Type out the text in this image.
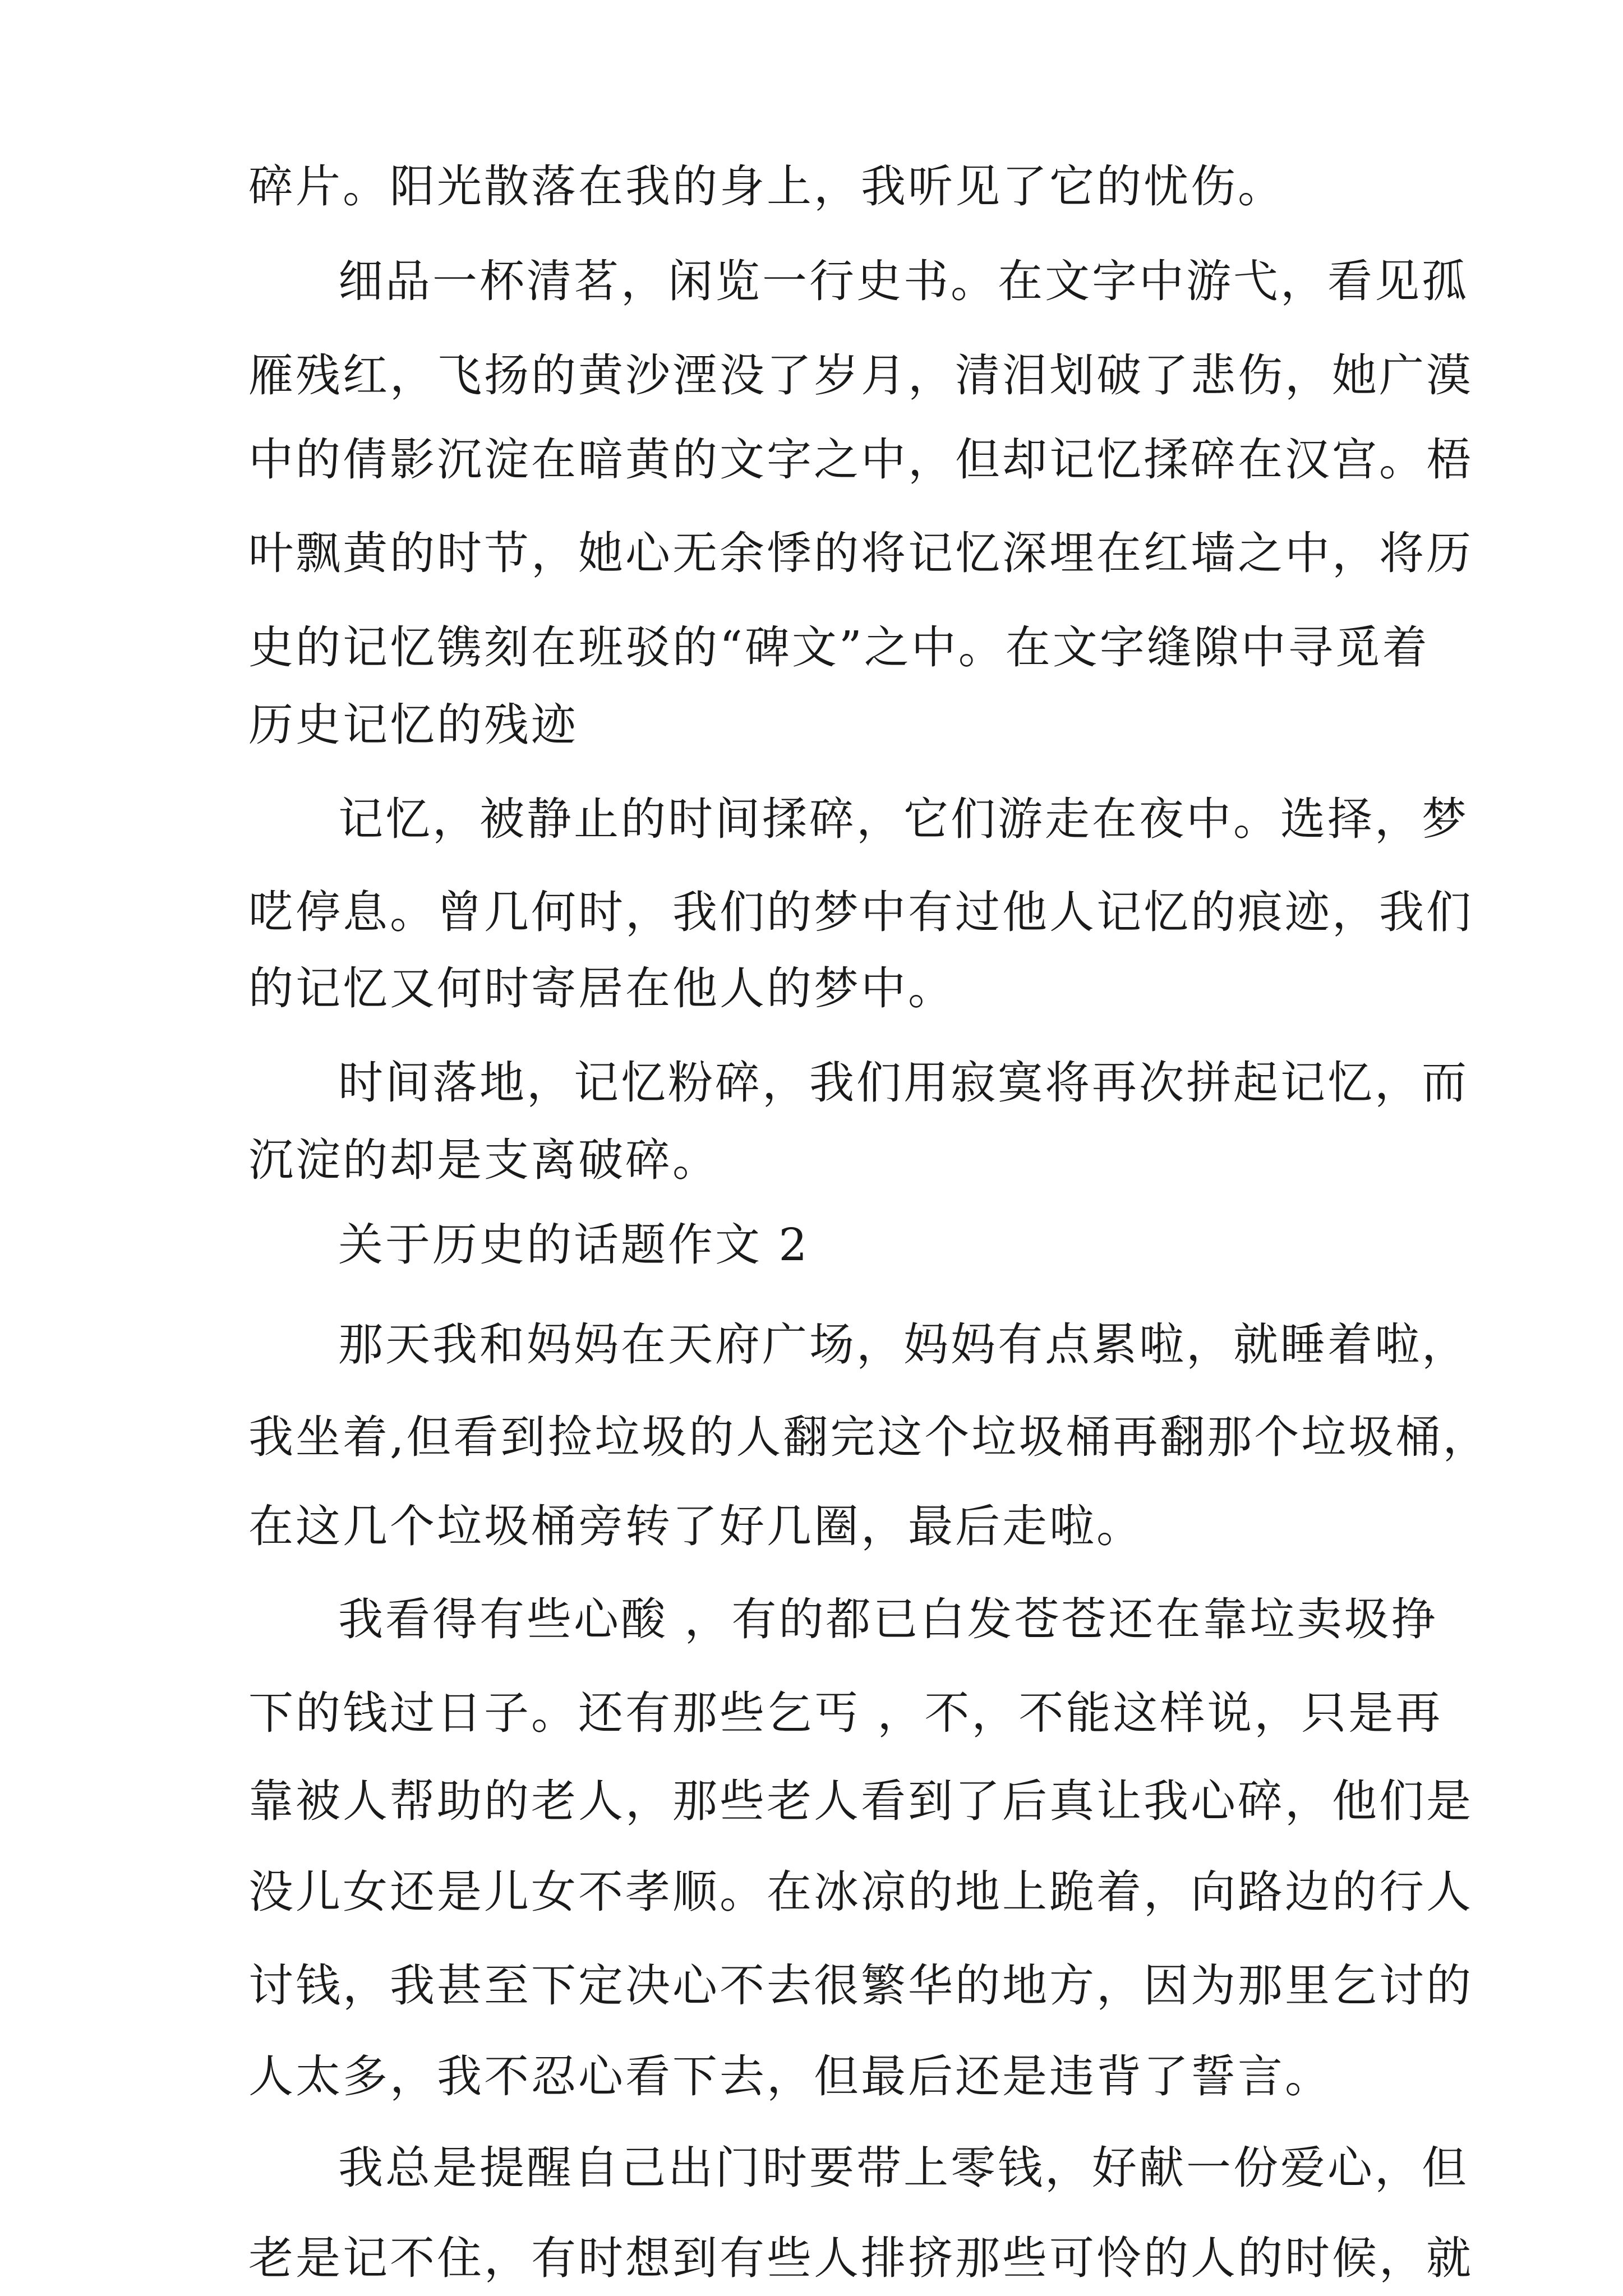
碎片。阳光散落在我的身上，我听见了它的忧伤。
细品一杯清茗，闲览一行史书。在文字中游弋，看见孤
雁残红，飞扬的黄沙湮没了岁月，清泪划破了悲伤，她广漠
中的倩影沉淀在暗黄的文字之中，但却记忆揉碎在汉宫。梧
叶飘黄的时节，她心无余悸的将记忆深埋在红墙之中，将历
史的记忆镌刻在班驳的“碑文”之中。在文字缝隙中寻觅着
历史记忆的残迹
记忆，被静止的时间揉碎，它们游走在夜中。选择，梦
呓停息。曾几何时，我们的梦中有过他人记忆的痕迹，我们
的记忆又何时寄居在他人的梦中。
时间落地，记忆粉碎，我们用寂寞将再次拼起记忆，而
沉淀的却是支离破碎。
关于历史的话题作文 2
那天我和妈妈在天府广场，妈妈有点累啦，就睡着啦，
我坐着,但看到捡垃圾的人翻完这个垃圾桶再翻那个垃圾桶，
在这几个垃圾桶旁转了好几圈，最后走啦。
我看得有些心酸 ，有的都已白发苍苍还在靠垃卖圾挣
下的钱过日子。还有那些乞丐 ，不，不能这样说，只是再
靠被人帮助的老人，那些老人看到了后真让我心碎，他们是
没儿女还是儿女不孝顺。在冰凉的地上跪着，向路边的行人
讨钱，我甚至下定决心不去很繁华的地方，因为那里乞讨的
人太多，我不忍心看下去，但最后还是违背了誓言。
我总是提醒自己出门时要带上零钱，好献一份爱心，但
老是记不住，有时想到有些人排挤那些可怜的人的时候，就
